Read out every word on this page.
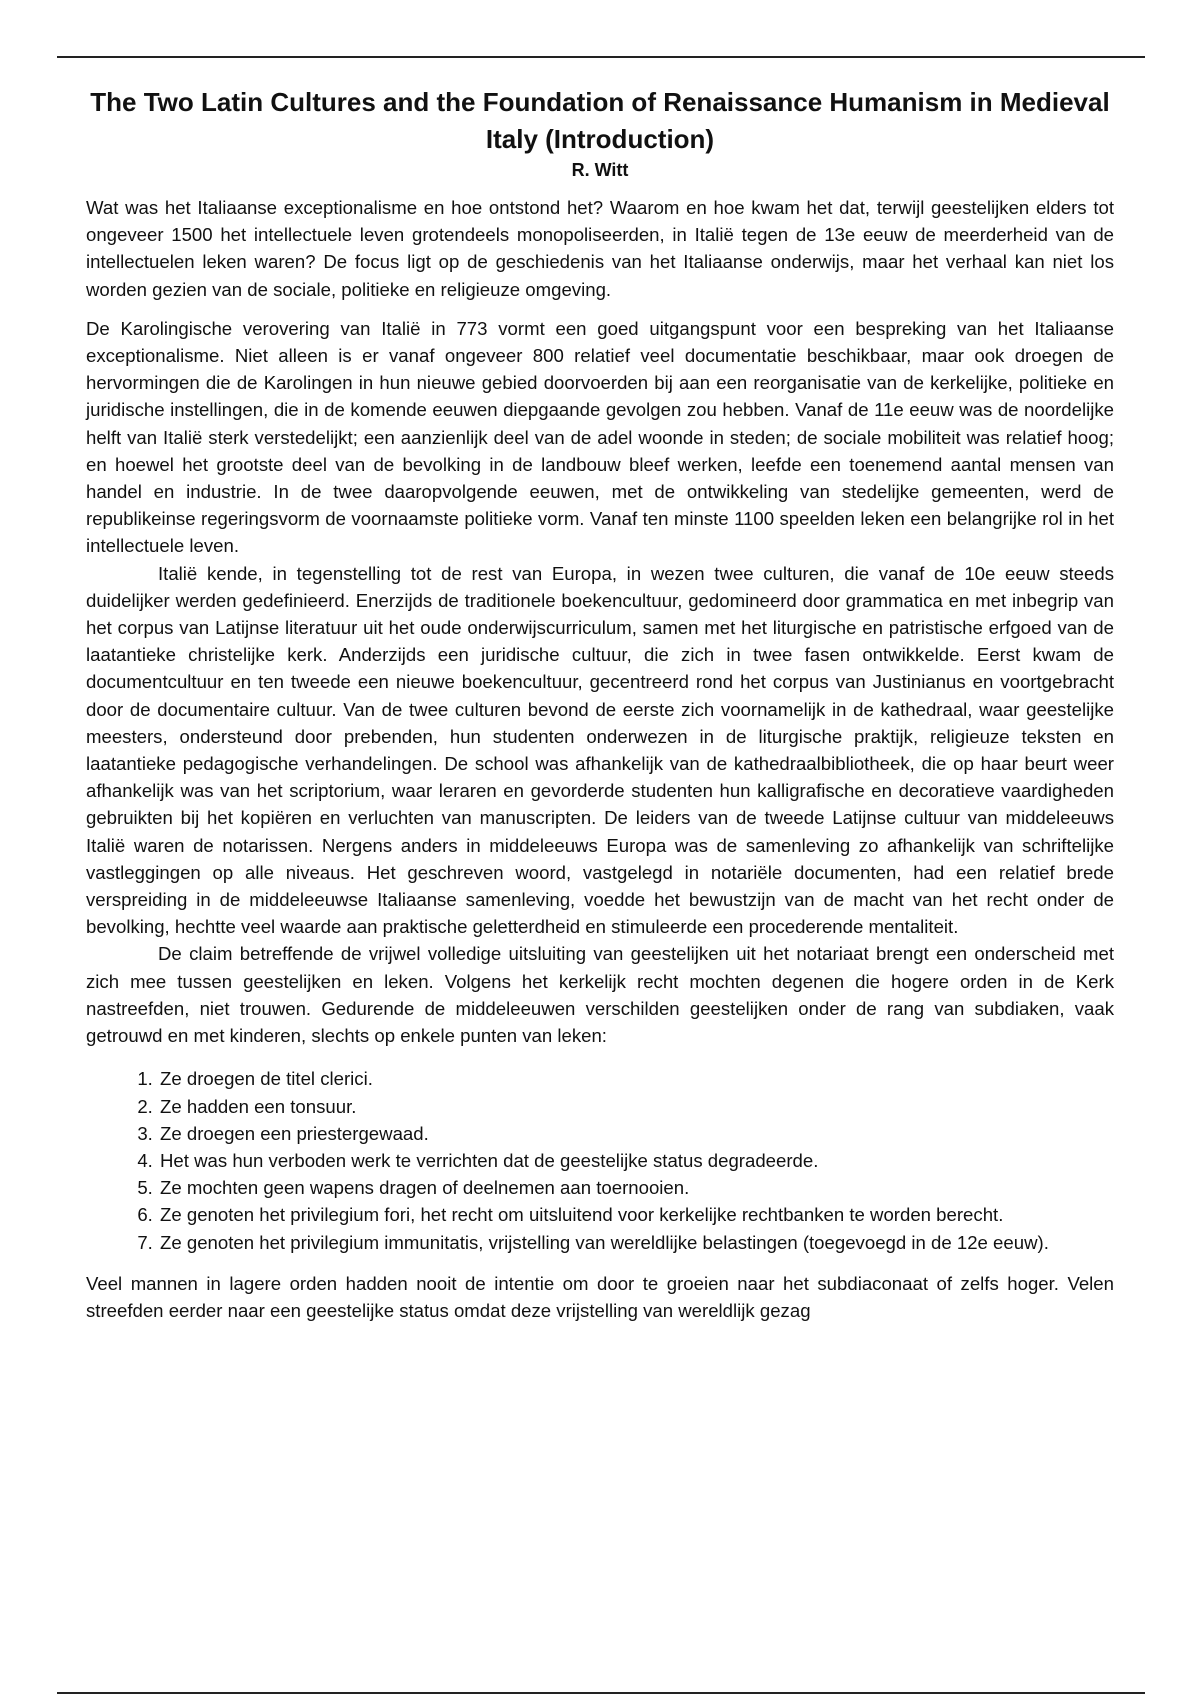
The Two Latin Cultures and the Foundation of Renaissance Humanism in Medieval Italy (Introduction)
R. Witt

Wat was het Italiaanse exceptionalisme en hoe ontstond het? Waarom en hoe kwam het dat, terwijl geestelijken elders tot ongeveer 1500 het intellectuele leven grotendeels monopoliseerden, in Italië tegen de 13e eeuw de meerderheid van de intellectuelen leken waren? De focus ligt op de geschiedenis van het Italiaanse onderwijs, maar het verhaal kan niet los worden gezien van de sociale, politieke en religieuze omgeving.

De Karolingische verovering van Italië in 773 vormt een goed uitgangspunt voor een bespreking van het Italiaanse exceptionalisme. Niet alleen is er vanaf ongeveer 800 relatief veel documentatie beschikbaar, maar ook droegen de hervormingen die de Karolingen in hun nieuwe gebied doorvoerden bij aan een reorganisatie van de kerkelijke, politieke en juridische instellingen, die in de komende eeuwen diepgaande gevolgen zou hebben. Vanaf de 11e eeuw was de noordelijke helft van Italië sterk verstedelijkt; een aanzienlijk deel van de adel woonde in steden; de sociale mobiliteit was relatief hoog; en hoewel het grootste deel van de bevolking in de landbouw bleef werken, leefde een toenemend aantal mensen van handel en industrie. In de twee daaropvolgende eeuwen, met de ontwikkeling van stedelijke gemeenten, werd de republikeinse regeringsvorm de voornaamste politieke vorm. Vanaf ten minste 1100 speelden leken een belangrijke rol in het intellectuele leven.

Italië kende, in tegenstelling tot de rest van Europa, in wezen twee culturen, die vanaf de 10e eeuw steeds duidelijker werden gedefinieerd. Enerzijds de traditionele boekencultuur, gedomineerd door grammatica en met inbegrip van het corpus van Latijnse literatuur uit het oude onderwijscurriculum, samen met het liturgische en patristische erfgoed van de laatantieke christelijke kerk. Anderzijds een juridische cultuur, die zich in twee fasen ontwikkelde. Eerst kwam de documentcultuur en ten tweede een nieuwe boekencultuur, gecentreerd rond het corpus van Justinianus en voortgebracht door de documentaire cultuur. Van de twee culturen bevond de eerste zich voornamelijk in de kathedraal, waar geestelijke meesters, ondersteund door prebenden, hun studenten onderwezen in de liturgische praktijk, religieuze teksten en laatantieke pedagogische verhandelingen. De school was afhankelijk van de kathedraalbibliotheek, die op haar beurt weer afhankelijk was van het scriptorium, waar leraren en gevorderde studenten hun kalligrafische en decoratieve vaardigheden gebruikten bij het kopiëren en verluchten van manuscripten. De leiders van de tweede Latijnse cultuur van middeleeuws Italië waren de notarissen. Nergens anders in middeleeuws Europa was de samenleving zo afhankelijk van schriftelijke vastleggingen op alle niveaus. Het geschreven woord, vastgelegd in notariële documenten, had een relatief brede verspreiding in de middeleeuwse Italiaanse samenleving, voedde het bewustzijn van de macht van het recht onder de bevolking, hechtte veel waarde aan praktische geletterdheid en stimuleerde een procederende mentaliteit.

De claim betreffende de vrijwel volledige uitsluiting van geestelijken uit het notariaat brengt een onderscheid met zich mee tussen geestelijken en leken. Volgens het kerkelijk recht mochten degenen die hogere orden in de Kerk nastreefden, niet trouwen. Gedurende de middeleeuwen verschilden geestelijken onder de rang van subdiaken, vaak getrouwd en met kinderen, slechts op enkele punten van leken:

1. Ze droegen de titel clerici.
2. Ze hadden een tonsuur.
3. Ze droegen een priestergewaad.
4. Het was hun verboden werk te verrichten dat de geestelijke status degradeerde.
5. Ze mochten geen wapens dragen of deelnemen aan toernooien.
6. Ze genoten het privilegium fori, het recht om uitsluitend voor kerkelijke rechtbanken te worden berecht.
7. Ze genoten het privilegium immunitatis, vrijstelling van wereldlijke belastingen (toegevoegd in de 12e eeuw).

Veel mannen in lagere orden hadden nooit de intentie om door te groeien naar het subdiaconaat of zelfs hoger. Velen streefden eerder naar een geestelijke status omdat deze vrijstelling van wereldlijk gezag
